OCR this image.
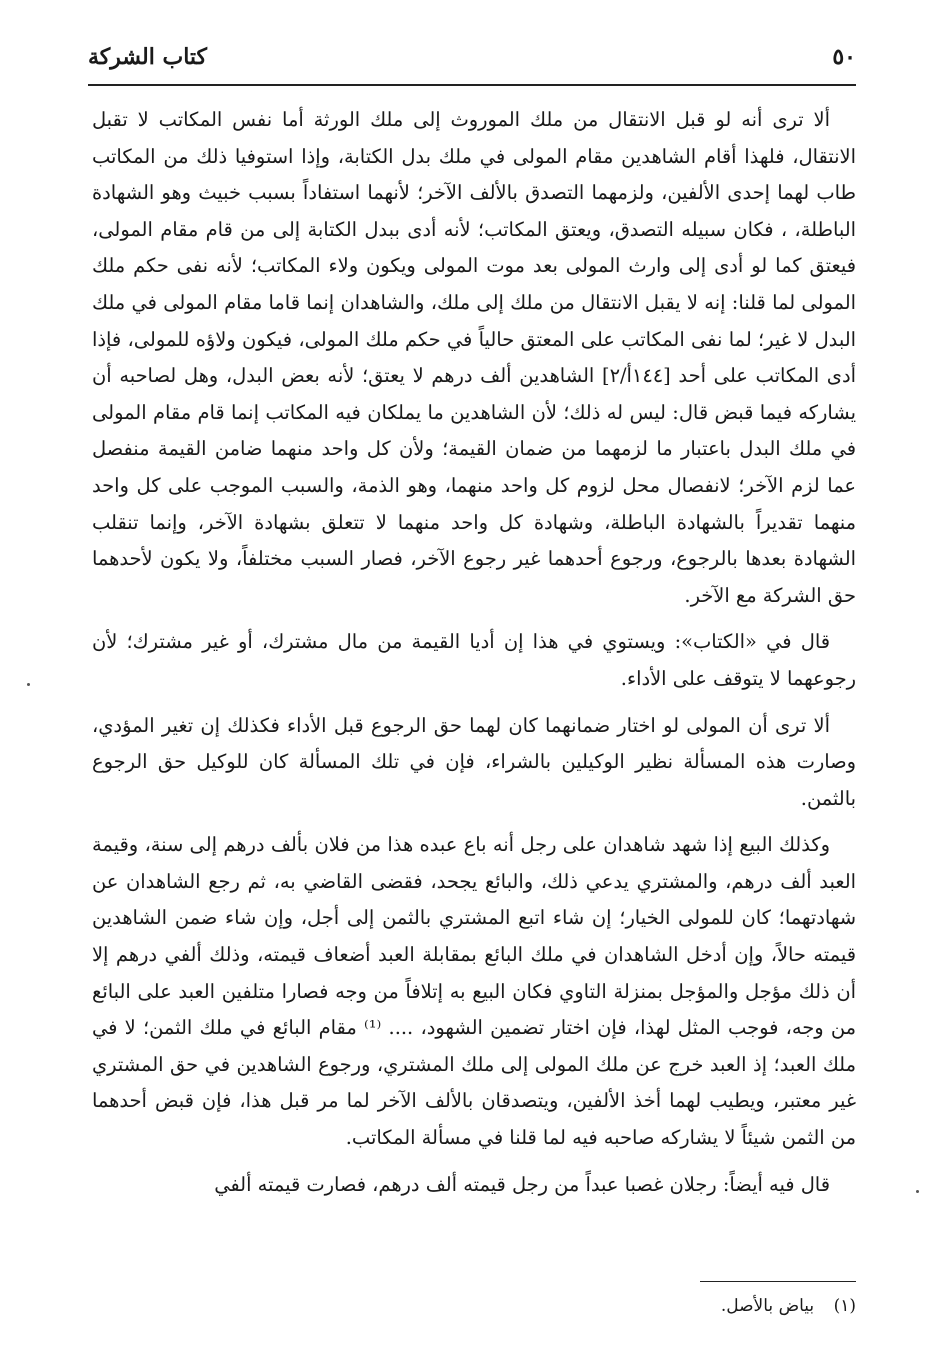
٥٠
كتاب الشركة

ألا ترى أنه لو قبل الانتقال من ملك الموروث إلى ملك الورثة أما نفس المكاتب لا تقبل الانتقال، فلهذا أقام الشاهدين مقام المولى في ملك بدل الكتابة، وإذا استوفيا ذلك من المكاتب طاب لهما إحدى الألفين، ولزمهما التصدق بالألف الآخر؛ لأنهما استفاداً بسبب خبيث وهو الشهادة الباطلة، ، فكان سبيله التصدق، ويعتق المكاتب؛ لأنه أدى ببدل الكتابة إلى من قام مقام المولى، فيعتق كما لو أدى إلى وارث المولى بعد موت المولى ويكون ولاء المكاتب؛ لأنه نفى حكم ملك المولى لما قلنا: إنه لا يقبل الانتقال من ملك إلى ملك، والشاهدان إنما قاما مقام المولى في ملك البدل لا غير؛ لما نفى المكاتب على المعتق حالياً في حكم ملك المولى، فيكون ولاؤه للمولى، فإذا أدى المكاتب على أحد [١٤٤أ/٢] الشاهدين ألف درهم لا يعتق؛ لأنه بعض البدل، وهل لصاحبه أن يشاركه فيما قبض قال: ليس له ذلك؛ لأن الشاهدين ما يملكان فيه المكاتب إنما قام مقام المولى في ملك البدل باعتبار ما لزمهما من ضمان القيمة؛ ولأن كل واحد منهما ضامن القيمة منفصل عما لزم الآخر؛ لانفصال محل لزوم كل واحد منهما، وهو الذمة، والسبب الموجب على كل واحد منهما تقديراً بالشهادة الباطلة، وشهادة كل واحد منهما لا تتعلق بشهادة الآخر، وإنما تنقلب الشهادة بعدها بالرجوع، ورجوع أحدهما غير رجوع الآخر، فصار السبب مختلفاً، ولا يكون لأحدهما حق الشركة مع الآخر.

قال في «الكتاب»: ويستوي في هذا إن أديا القيمة من مال مشترك، أو غير مشترك؛ لأن رجوعهما لا يتوقف على الأداء.

ألا ترى أن المولى لو اختار ضمانهما كان لهما حق الرجوع قبل الأداء فكذلك إن تغير المؤدي، وصارت هذه المسألة نظير الوكيلين بالشراء، فإن في تلك المسألة كان للوكيل حق الرجوع بالثمن.

وكذلك البيع إذا شهد شاهدان على رجل أنه باع عبده هذا من فلان بألف درهم إلى سنة، وقيمة العبد ألف درهم، والمشتري يدعي ذلك، والبائع يجحد، فقضى القاضي به، ثم رجع الشاهدان عن شهادتهما؛ كان للمولى الخيار؛ إن شاء اتبع المشتري بالثمن إلى أجل، وإن شاء ضمن الشاهدين قيمته حالاً، وإن أدخل الشاهدان في ملك البائع بمقابلة العبد أضعاف قيمته، وذلك ألفي درهم إلا أن ذلك مؤجل والمؤجل بمنزلة التاوي فكان البيع به إتلافاً من وجه فصارا متلفين العبد على البائع من وجه، فوجب المثل لهذا، فإن اختار تضمين الشهود، .... ⁽¹⁾ مقام البائع في ملك الثمن؛ لا في ملك العبد؛ إذ العبد خرج عن ملك المولى إلى ملك المشتري، ورجوع الشاهدين في حق المشتري غير معتبر، ويطيب لهما أخذ الألفين، ويتصدقان بالألف الآخر لما مر قبل هذا، فإن قبض أحدهما من الثمن شيئاً لا يشاركه صاحبه فيه لما قلنا في مسألة المكاتب.

قال فيه أيضاً: رجلان غصبا عبداً من رجل قيمته ألف درهم، فصارت قيمته ألفي

(١) بياض بالأصل.
